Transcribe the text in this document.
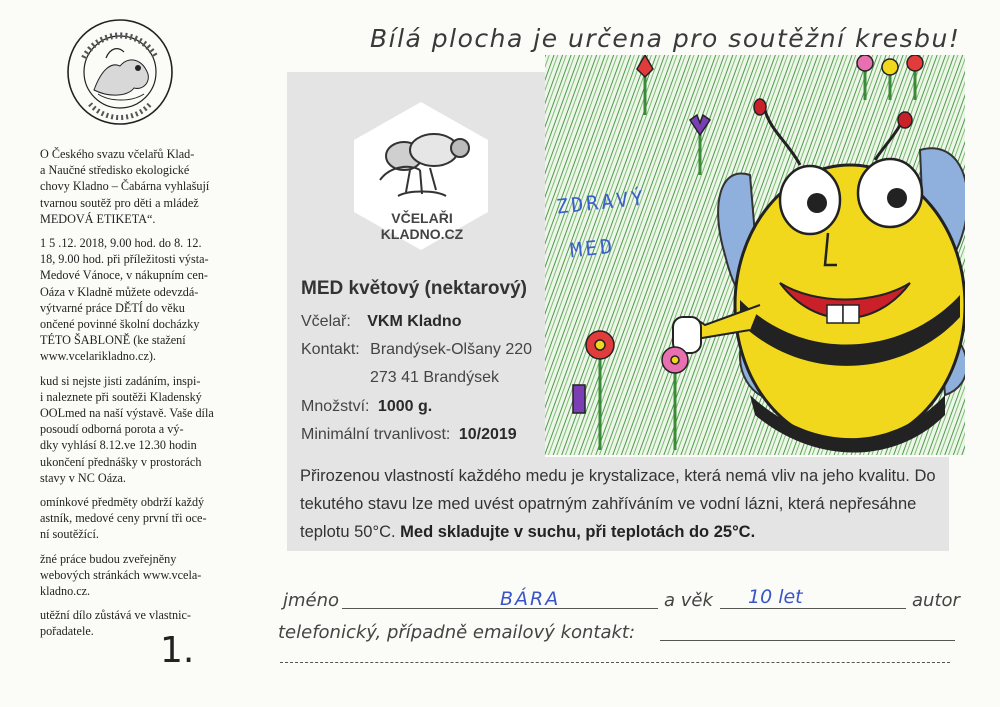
Bílá plocha je určena pro soutěžní kresbu!

O Českého svazu včelařů Klad-
a Naučné středisko ekologické
chovy Kladno – Čabárna vyhlašují
tvarnou soutěž pro děti a mládež
MEDOVÁ ETIKETA“.

1 5 .12. 2018, 9.00 hod. do 8. 12.
18, 9.00 hod. při příležitosti výsta-
Medové Vánoce, v nákupním cen-
Oáza v Kladně můžete odevzdá-
výtvarné práce DĚTÍ do věku
ončené povinné školní docházky
TÉTO ŠABLONĚ (ke stažení
www.vcelarikladno.cz).

kud si nejste jisti zadáním, inspi-
i naleznete při soutěži Kladenský
OOLmed na naší výstavě. Vaše díla
posoudí odborná porota a vý-
dky vyhlásí 8.12.ve 12.30 hodin
ukončení přednášky v prostorách
stavy v NC Oáza.

omínkové předměty obdrží každý
astník, medové ceny první tři oce-
ní soutěžící.

žné práce budou zveřejněny
webových stránkách www.vcela-
kladno.cz.

utěžní dílo zůstává ve vlastnic-
pořadatele.

ZDRAVÝ
MED
VČELAŘI KLADNO.CZ
MED květový (nektarový)
Včelař: VKM Kladno
Kontakt: Brandýsek-Olšany 220
273 41 Brandýsek
Množství: 1000 g.
Minimální trvanlivost: 10/2019
Přirozenou vlastností každého medu je krystalizace, která nemá vliv na jeho kvalitu. Do tekutého stavu lze med uvést opatrným zahříváním ve vodní lázni, která nepřesáhne teplotu 50°C. Med skladujte v suchu, při teplotách do 25°C.
jméno	BÁRA	a věk 10 let	autor
telefonický, případně emailový kontakt:
1.
